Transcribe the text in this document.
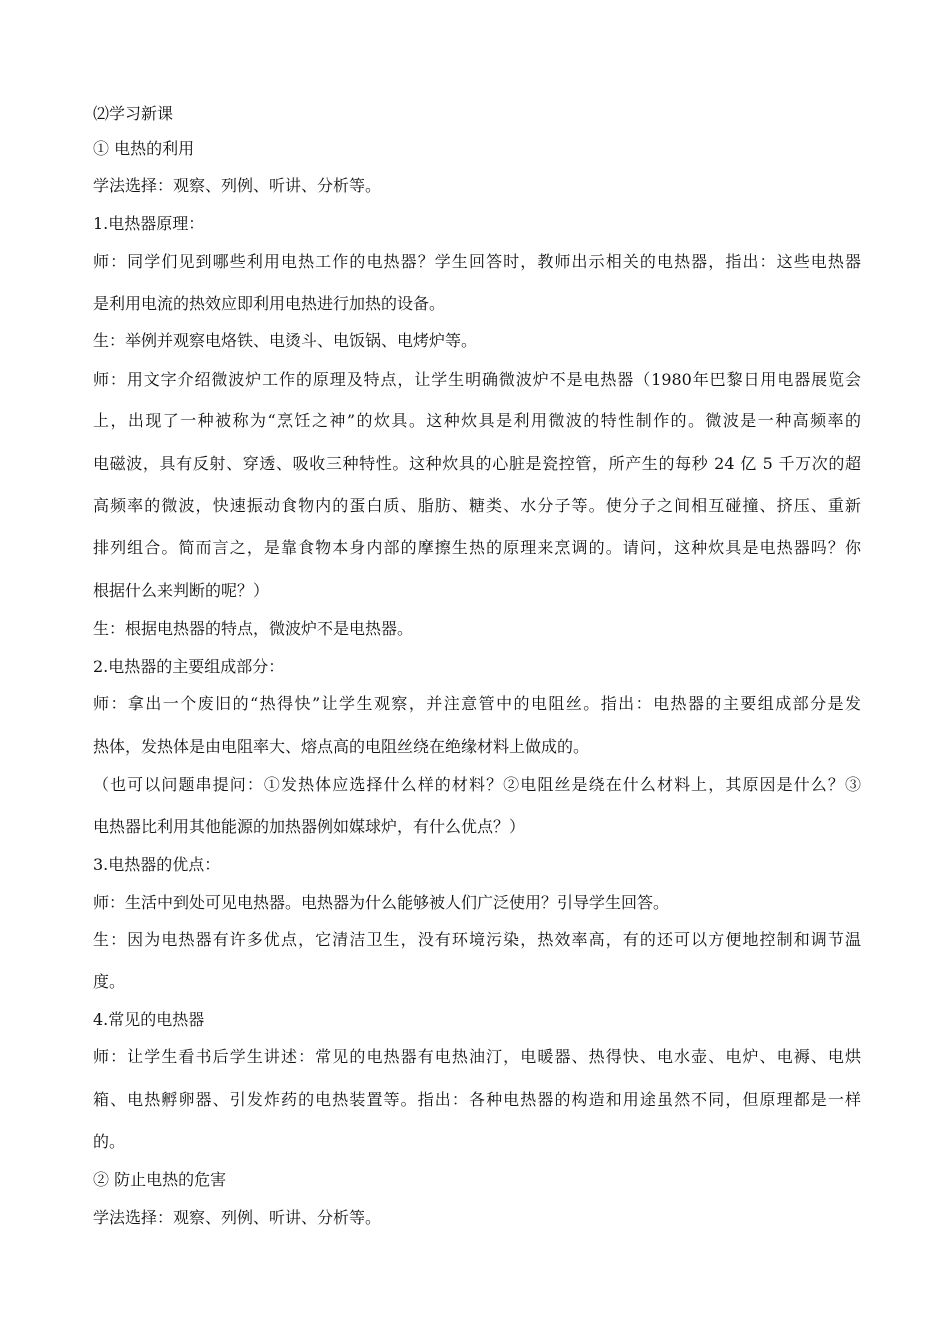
⑵学习新课
① 电热的利用
学法选择：观察、列例、听讲、分析等。
1.电热器原理：
师：同学们见到哪些利用电热工作的电热器？学生回答时，教师出示相关的电热器，指出：这些电热器
是利用电流的热效应即利用电热进行加热的设备。
生：举例并观察电烙铁、电烫斗、电饭锅、电烤炉等。
师：用文字介绍微波炉工作的原理及特点，让学生明确微波炉不是电热器（1980年巴黎日用电器展览会
上，出现了一种被称为“烹饪之神”的炊具。这种炊具是利用微波的特性制作的。微波是一种高频率的
电磁波，具有反射、穿透、吸收三种特性。这种炊具的心脏是瓷控管，所产生的每秒 24 亿 5 千万次的超
高频率的微波，快速振动食物内的蛋白质、脂肪、糖类、水分子等。使分子之间相互碰撞、挤压、重新
排列组合。简而言之，是靠食物本身内部的摩擦生热的原理来烹调的。请问，这种炊具是电热器吗？你
根据什么来判断的呢？）
生：根据电热器的特点，微波炉不是电热器。
2.电热器的主要组成部分：
师：拿出一个废旧的“热得快”让学生观察，并注意管中的电阻丝。指出：电热器的主要组成部分是发
热体，发热体是由电阻率大、熔点高的电阻丝绕在绝缘材料上做成的。
（也可以问题串提问：①发热体应选择什么样的材料？②电阻丝是绕在什么材料上，其原因是什么？③
电热器比利用其他能源的加热器例如媒球炉，有什么优点？）
3.电热器的优点：
师：生活中到处可见电热器。电热器为什么能够被人们广泛使用？引导学生回答。
生：因为电热器有许多优点，它清洁卫生，没有环境污染，热效率高，有的还可以方便地控制和调节温
度。
4.常见的电热器
师：让学生看书后学生讲述：常见的电热器有电热油汀，电暖器、热得快、电水壶、电炉、电褥、电烘
箱、电热孵卵器、引发炸药的电热装置等。指出：各种电热器的构造和用途虽然不同，但原理都是一样
的。
② 防止电热的危害
学法选择：观察、列例、听讲、分析等。
